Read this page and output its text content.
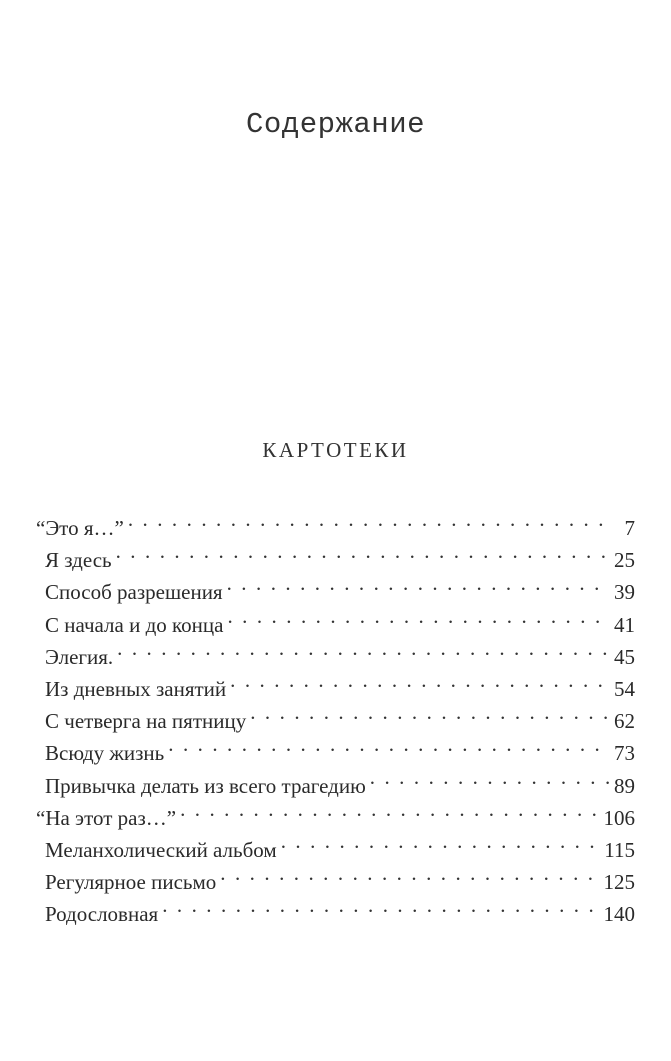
Содержание
КАРТОТЕКИ
“Это я…” . . .	7
Я здесь . . .	25
Способ разрешения . . .	39
С начала и до конца . . .	41
Элегия. . . .	45
Из дневных занятий . . .	54
С четверга на пятницу . . .	62
Всюду жизнь . . .	73
Привычка делать из всего трагедию . . .	89
“На этот раз…” . . .	106
Меланхолический альбом . . .	115
Регулярное письмо . . .	125
Родословная . . .	140
